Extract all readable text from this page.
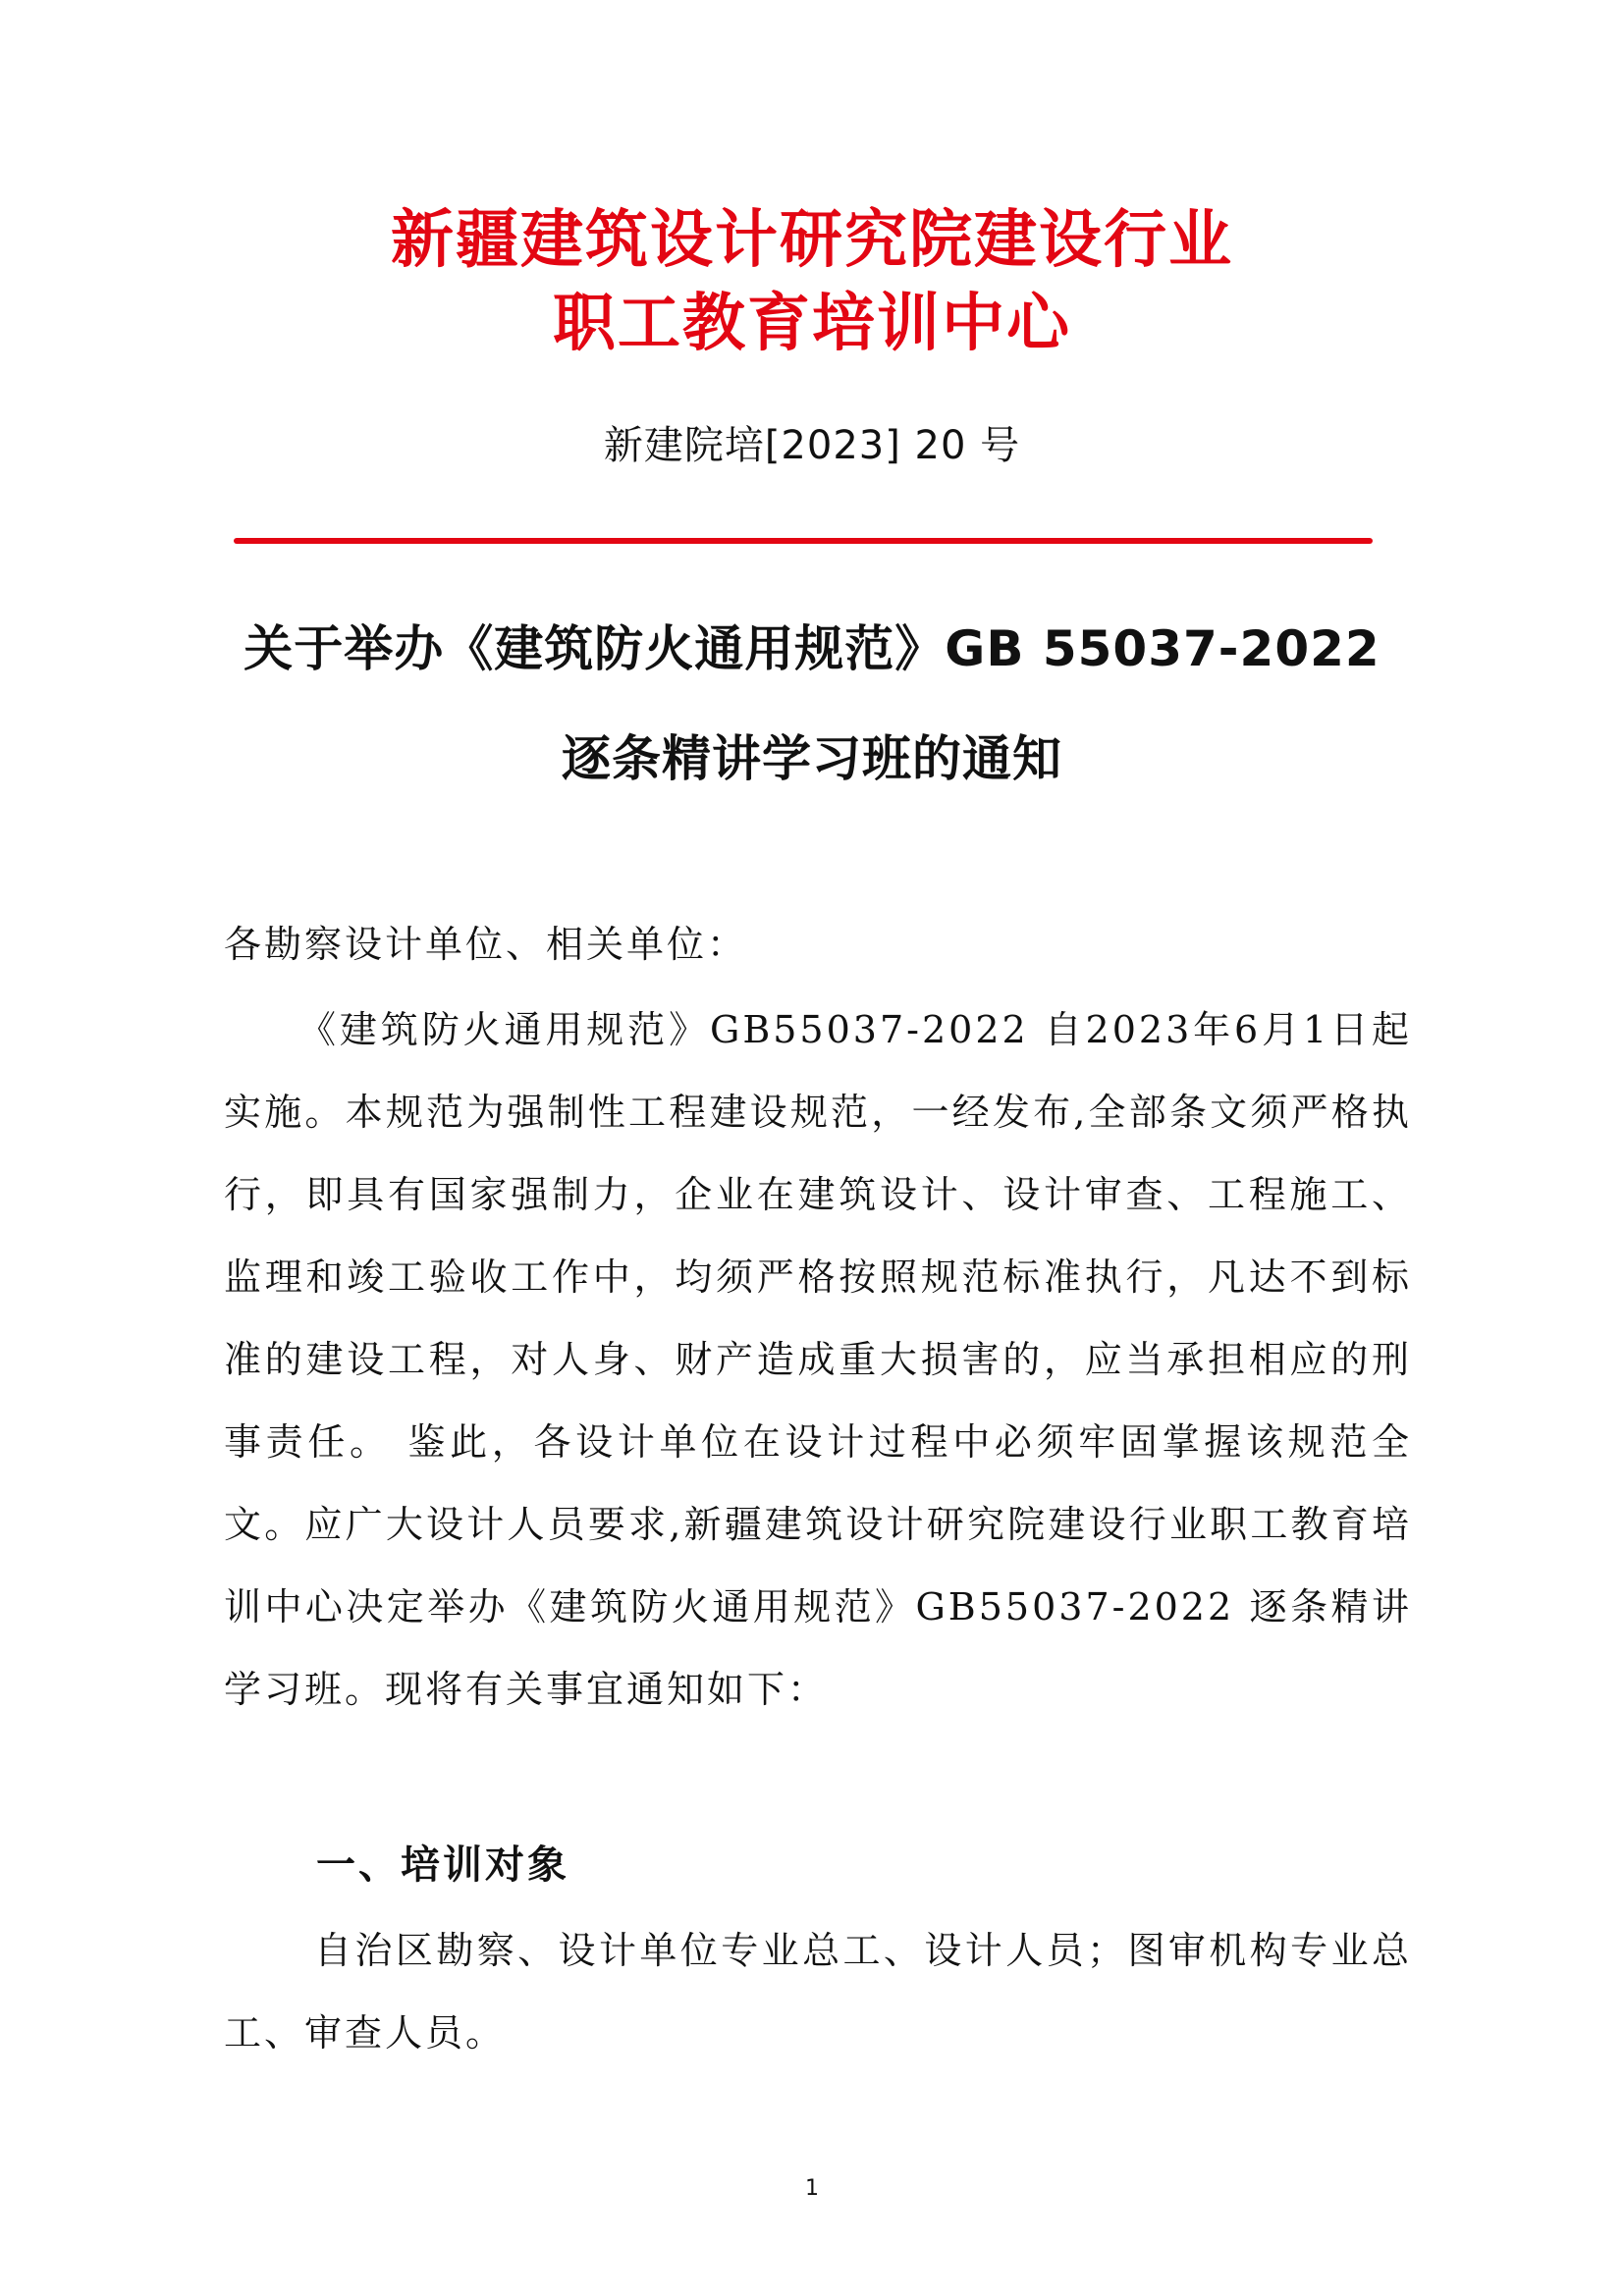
新疆建筑设计研究院建设行业
职工教育培训中心
新建院培[2023] 20 号
关于举办《建筑防火通用规范》GB 55037-2022
逐条精讲学习班的通知
各勘察设计单位、相关单位：
《建筑防火通用规范》GB55037-2022 自2023年6月1日起实施。本规范为强制性工程建设规范，一经发布,全部条文须严格执行，即具有国家强制力，企业在建筑设计、设计审查、工程施工、监理和竣工验收工作中，均须严格按照规范标准执行，凡达不到标准的建设工程，对人身、财产造成重大损害的，应当承担相应的刑事责任。 鉴此，各设计单位在设计过程中必须牢固掌握该规范全文。应广大设计人员要求,新疆建筑设计研究院建设行业职工教育培训中心决定举办《建筑防火通用规范》GB55037-2022 逐条精讲学习班。现将有关事宜通知如下：
一、培训对象
自治区勘察、设计单位专业总工、设计人员；图审机构专业总工、审查人员。
1
